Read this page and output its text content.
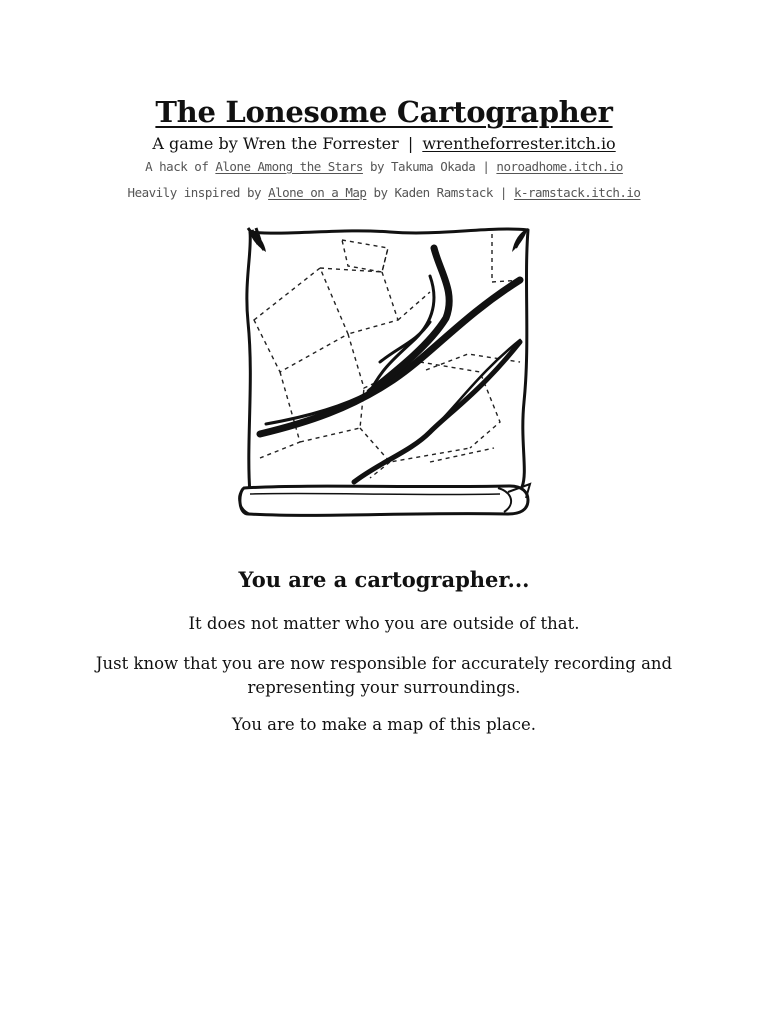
The Lonesome Cartographer
A game by Wren the Forrester | wrentheforrester.itch.io
A hack of Alone Among the Stars by Takuma Okada | noroadhome.itch.io
Heavily inspired by Alone on a Map by Kaden Ramstack | k-ramstack.itch.io
You are a cartographer...
It does not matter who you are outside of that.
Just know that you are now responsible for accurately recording and representing your surroundings.
You are to make a map of this place.
